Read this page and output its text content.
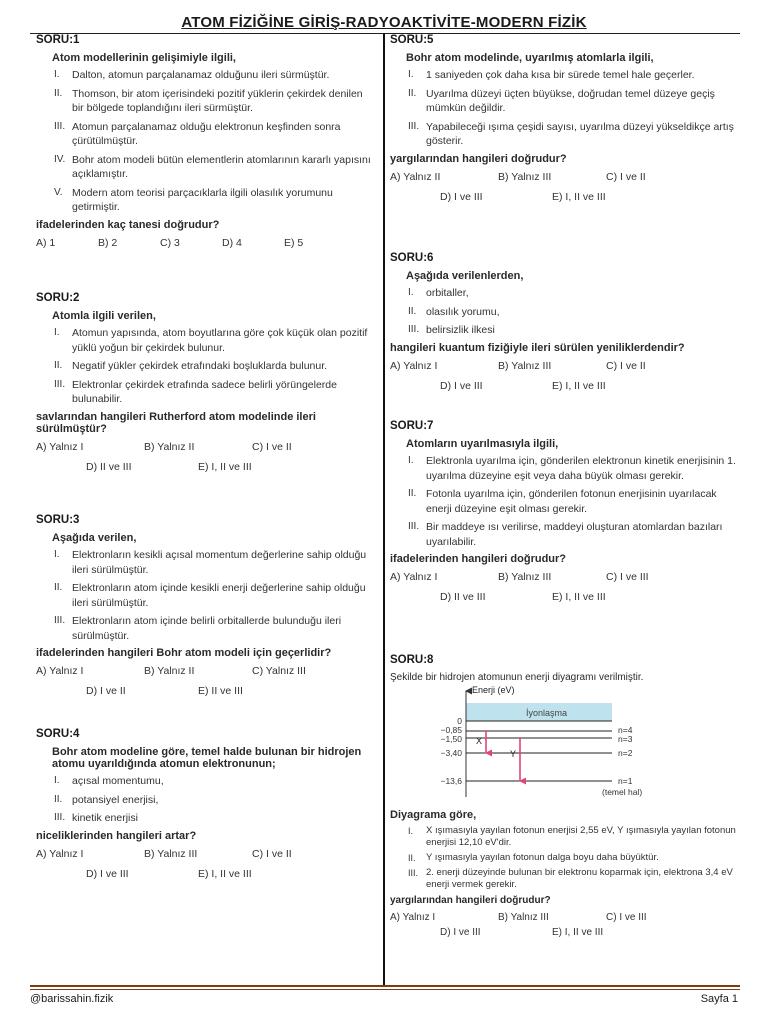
ATOM FİZİĞİNE GİRİŞ-RADYOAKTİVİTE-MODERN FİZİK
SORU:1
Atom modellerinin gelişimiyle ilgili,
I. Dalton, atomun parçalanamaz olduğunu ileri sürmüştür.
II. Thomson, bir atom içerisindeki pozitif yüklerin çekirdek denilen bir bölgede toplandığını ileri sürmüştür.
III. Atomun parçalanamaz olduğu elektronun keşfinden sonra çürütülmüştür.
IV. Bohr atom modeli bütün elementlerin atomlarının kararlı yapısını açıklamıştır.
V. Modern atom teorisi parçacıklarla ilgili olasılık yorumunu getirmiştir.
ifadelerinden kaç tanesi doğrudur?
A) 1	B) 2	C) 3	D) 4	E) 5
SORU:2
Atomla ilgili verilen,
I. Atomun yapısında, atom boyutlarına göre çok küçük olan pozitif yüklü yoğun bir çekirdek bulunur.
II. Negatif yükler çekirdek etrafındaki boşluklarda bulunur.
III. Elektronlar çekirdek etrafında sadece belirli yörüngelerde bulunabilir.
savlarından hangileri Rutherford atom modelinde ileri sürülmüştür?
A) Yalnız I	B) Yalnız II	C) I ve II
D) II ve III	E) I, II ve III
SORU:3
Aşağıda verilen,
I. Elektronların kesikli açısal momentum değerlerine sahip olduğu ileri sürülmüştür.
II. Elektronların atom içinde kesikli enerji değerlerine sahip olduğu ileri sürülmüştür.
III. Elektronların atom içinde belirli orbitallerde bulunduğu ileri sürülmüştür.
ifadelerinden hangileri Bohr atom modeli için geçerlidir?
A) Yalnız I	B) Yalnız II	C) Yalnız III
D) I ve II	E) II ve III
SORU:4
Bohr atom modeline göre, temel halde bulunan bir hidrojen atomu uyarıldığında atomun elektronunun;
I. açısal momentumu,
II. potansiyel enerjisi,
III. kinetik enerjisi
niceliklerinden hangileri artar?
A) Yalnız I	B) Yalnız III	C) I ve II
D) I ve III	E) I, II ve III
SORU:5
Bohr atom modelinde, uyarılmış atomlarla ilgili,
I. 1 saniyeden çok daha kısa bir sürede temel hale geçerler.
II. Uyarılma düzeyi üçten büyükse, doğrudan temel düzeye geçiş mümkün değildir.
III. Yapabileceği ışıma çeşidi sayısı, uyarılma düzeyi yükseldikçe artış gösterir.
yargılarından hangileri doğrudur?
A) Yalnız II	B) Yalnız III	C) I ve II
D) I ve III	E) I, II ve III
SORU:6
Aşağıda verilenlerden,
I. orbitaller,
II. olasılık yorumu,
III. belirsizlik ilkesi
hangileri kuantum fiziğiyle ileri sürülen yeniliklerdendir?
A) Yalnız I	B) Yalnız III	C) I ve II
D) I ve III	E) I, II ve III
SORU:7
Atomların uyarılmasıyla ilgili,
I. Elektronla uyarılma için, gönderilen elektronun kinetik enerjisinin 1. uyarılma düzeyine eşit veya daha büyük olması gerekir.
II. Fotonla uyarılma için, gönderilen fotonun enerjisinin uyarılacak enerji düzeyine eşit olması gerekir.
III. Bir maddeye ısı verilirse, maddeyi oluşturan atomlardan bazıları uyarılabilir.
ifadelerinden hangileri doğrudur?
A) Yalnız I	B) Yalnız III	C) I ve III
D) II ve III	E) I, II ve III
SORU:8
Şekilde bir hidrojen atomunun enerji diyagramı verilmiştir.
İyonlaşma
Enerji (eV)
0
−0,85
−1,50
−3,40
−13,6
n=4
n=3
n=2
n=1
(temel hal)
X
Y
Diyagrama göre,
I. X ışımasıyla yayılan fotonun enerjisi 2,55 eV, Y ışımasıyla yayılan fotonun enerjisi 12,10 eV'dir.
II. Y ışımasıyla yayılan fotonun dalga boyu daha büyüktür.
III. 2. enerji düzeyinde bulunan bir elektronu koparmak için, elektrona 3,4 eV enerji vermek gerekir.
yargılarından hangileri doğrudur?
A) Yalnız I	B) Yalnız III	C) I ve III
D) I ve III	E) I, II ve III
@barissahin.fizik	Sayfa 1
